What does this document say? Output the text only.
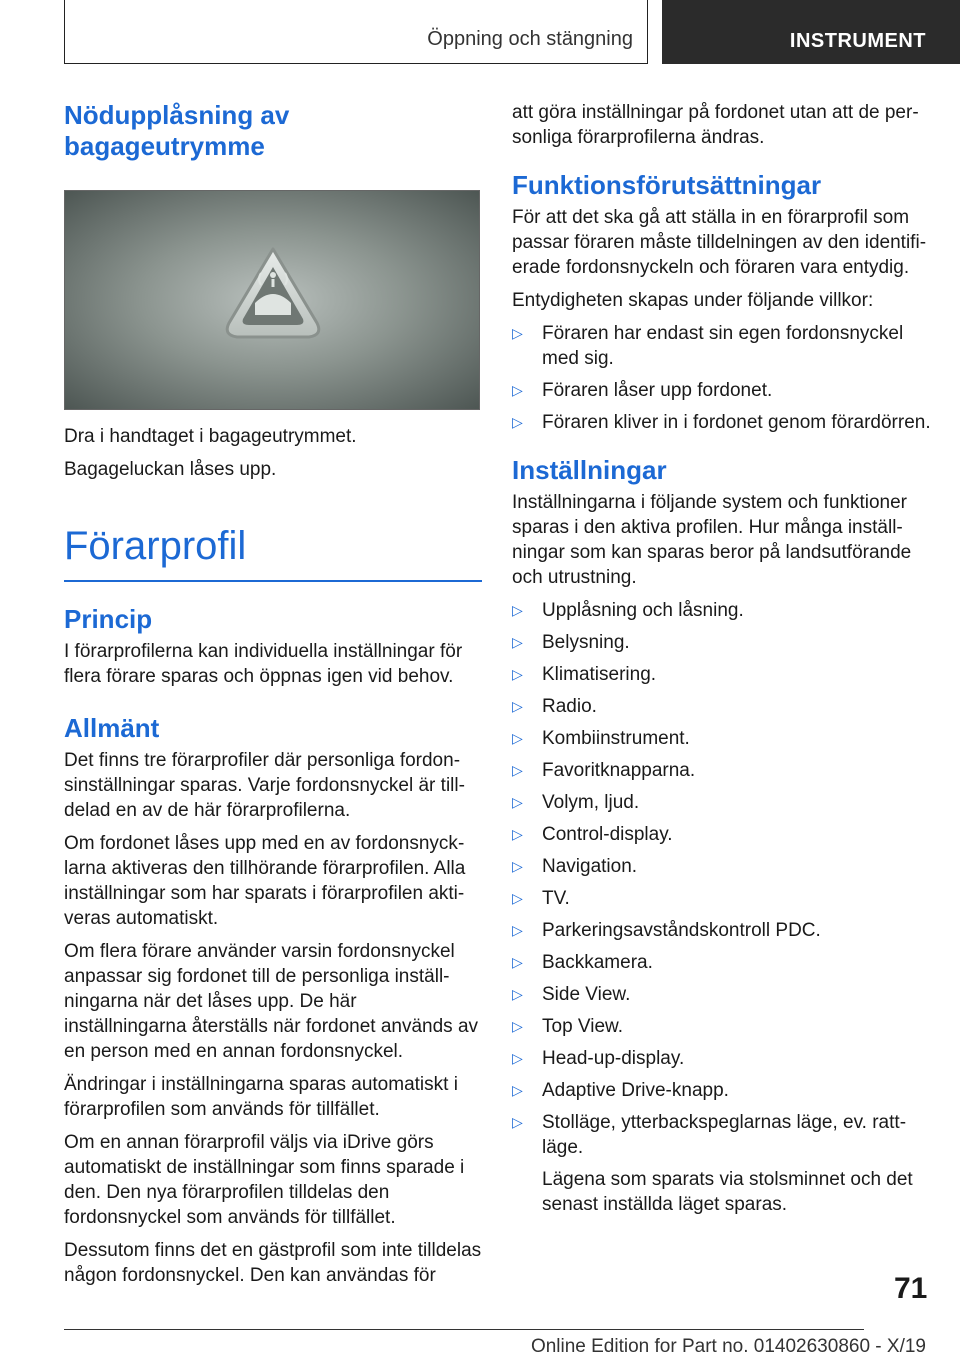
Öppning och stängning	INSTRUMENT
Nödupplåsning av bagageutrymme

Dra i handtaget i bagageutrymmet.

Bagageluckan låses upp.

Förarprofil
Princip

I förarprofilerna kan individuella inställningar för flera förare sparas och öppnas igen vid behov.

Allmänt

Det finns tre förarprofiler där personliga fordonsinställningar sparas. Varje fordonsnyckel är tilldelad en av de här förarprofilerna.

Om fordonet låses upp med en av fordonsnycklarna aktiveras den tillhörande förarprofilen. Alla inställningar som har sparats i förarprofilen aktiveras automatiskt.

Om flera förare använder varsin fordonsnyckel anpassar sig fordonet till de personliga inställningarna när det låses upp. De här inställningarna återställs när fordonet används av en person med en annan fordonsnyckel.

Ändringar i inställningarna sparas automatiskt i förarprofilen som används för tillfället.

Om en annan förarprofil väljs via iDrive görs automatiskt de inställningar som finns sparade i den. Den nya förarprofilen tilldelas den fordonsnyckel som används för tillfället.

Dessutom finns det en gästprofil som inte tilldelas någon fordonsnyckel. Den kan användas för

att göra inställningar på fordonet utan att de personliga förarprofilerna ändras.

Funktionsförutsättningar

För att det ska gå att ställa in en förarprofil som passar föraren måste tilldelningen av den identifierade fordonsnyckeln och föraren vara entydig.

Entydigheten skapas under följande villkor:

▷ Föraren har endast sin egen fordonsnyckel med sig.
▷ Föraren låser upp fordonet.
▷ Föraren kliver in i fordonet genom förardörren.
Inställningar

Inställningarna i följande system och funktioner sparas i den aktiva profilen. Hur många inställningar som kan sparas beror på landsutförande och utrustning.

▷ Upplåsning och låsning.
▷ Belysning.
▷ Klimatisering.
▷ Radio.
▷ Kombiinstrument.
▷ Favoritknapparna.
▷ Volym, ljud.
▷ Control-display.
▷ Navigation.
▷ TV.
▷ Parkeringsavståndskontroll PDC.
▷ Backkamera.
▷ Side View.
▷ Top View.
▷ Head-up-display.
▷ Adaptive Drive-knapp.
▷ Stolläge, ytterbackspeglarnas läge, ev. rattläge.
Lägena som sparats via stolsminnet och det senast inställda läget sparas.
71
Online Edition for Part no. 01402630860 - X/19
